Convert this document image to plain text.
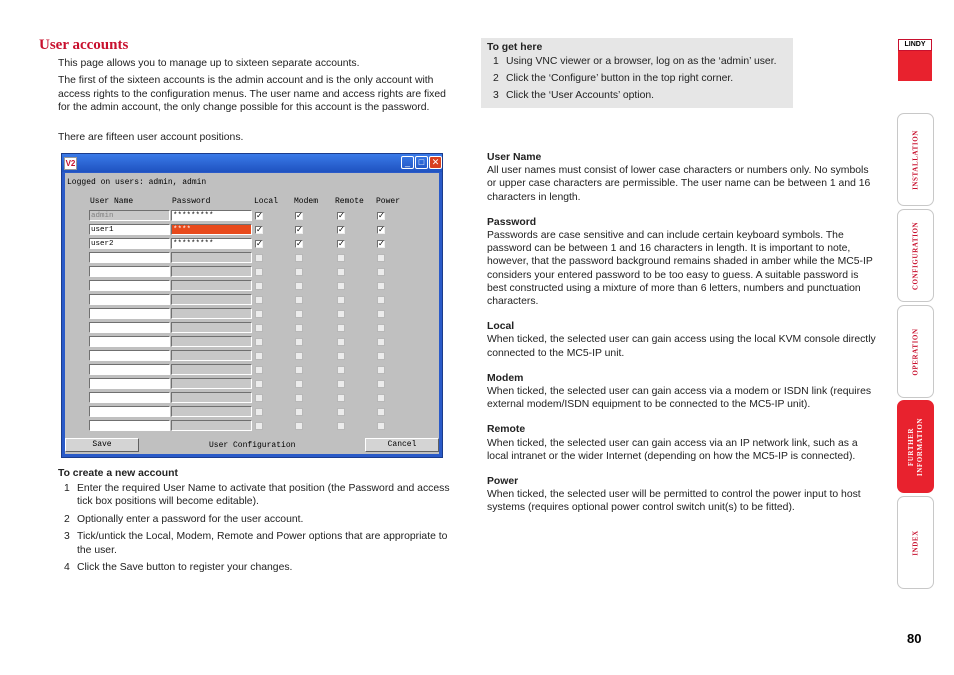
User accounts

This page allows you to manage up to sixteen separate accounts.

The first of the sixteen accounts is the admin account and is the only account with access rights to the configuration menus. The user name and access rights are fixed for the admin account, the only change possible for this account is the password.

There are fifteen user account positions.

V2	_ □ ✕
Logged on users: admin, admin
User Name	Password	Local Modem Remote Power
admin	*********	✓	✓	✓	✓
user1	****	✓	✓	✓	✓
user2	*********	✓	✓	✓	✓
Save	User Configuration	Cancel
To create a new account
1 Enter the required User Name to activate that position (the Password and access tick box positions will become editable).
2 Optionally enter a password for the user account.
3 Tick/untick the Local, Modem, Remote and Power options that are appropriate to the user.
4 Click the Save button to register your changes.
To get here
1 Using VNC viewer or a browser, log on as the ‘admin’ user.
2 Click the ‘Configure’ button in the top right corner.
3 Click the ‘User Accounts’ option.
User Name

All user names must consist of lower case characters or numbers only. No symbols or upper case characters are permissible. The user name can be between 1 and 16 characters in length.

Password

Passwords are case sensitive and can include certain keyboard symbols. The password can be between 1 and 16 characters in length. It is important to note, however, that the password background remains shaded in amber while the MC5-IP considers your entered password to be too easy to guess. A suitable password is best constructed using a mixture of more than 6 letters, numbers and punctuation characters.

Local

When ticked, the selected user can gain access using the local KVM console directly connected to the MC5-IP unit.

Modem

When ticked, the selected user can gain access via a modem or ISDN link (requires external modem/ISDN equipment to be connected to the MC5-IP unit).

Remote

When ticked, the selected user can gain access via an IP network link, such as a local intranet or the wider Internet (depending on how the MC5-IP is connected).

Power

When ticked, the selected user will be permitted to control the power input to host systems (requires optional power control switch unit(s) to be fitted).

LINDY
INSTALLATION
CONFIGURATION
OPERATION
FURTHER INFORMATION
INDEX
80
